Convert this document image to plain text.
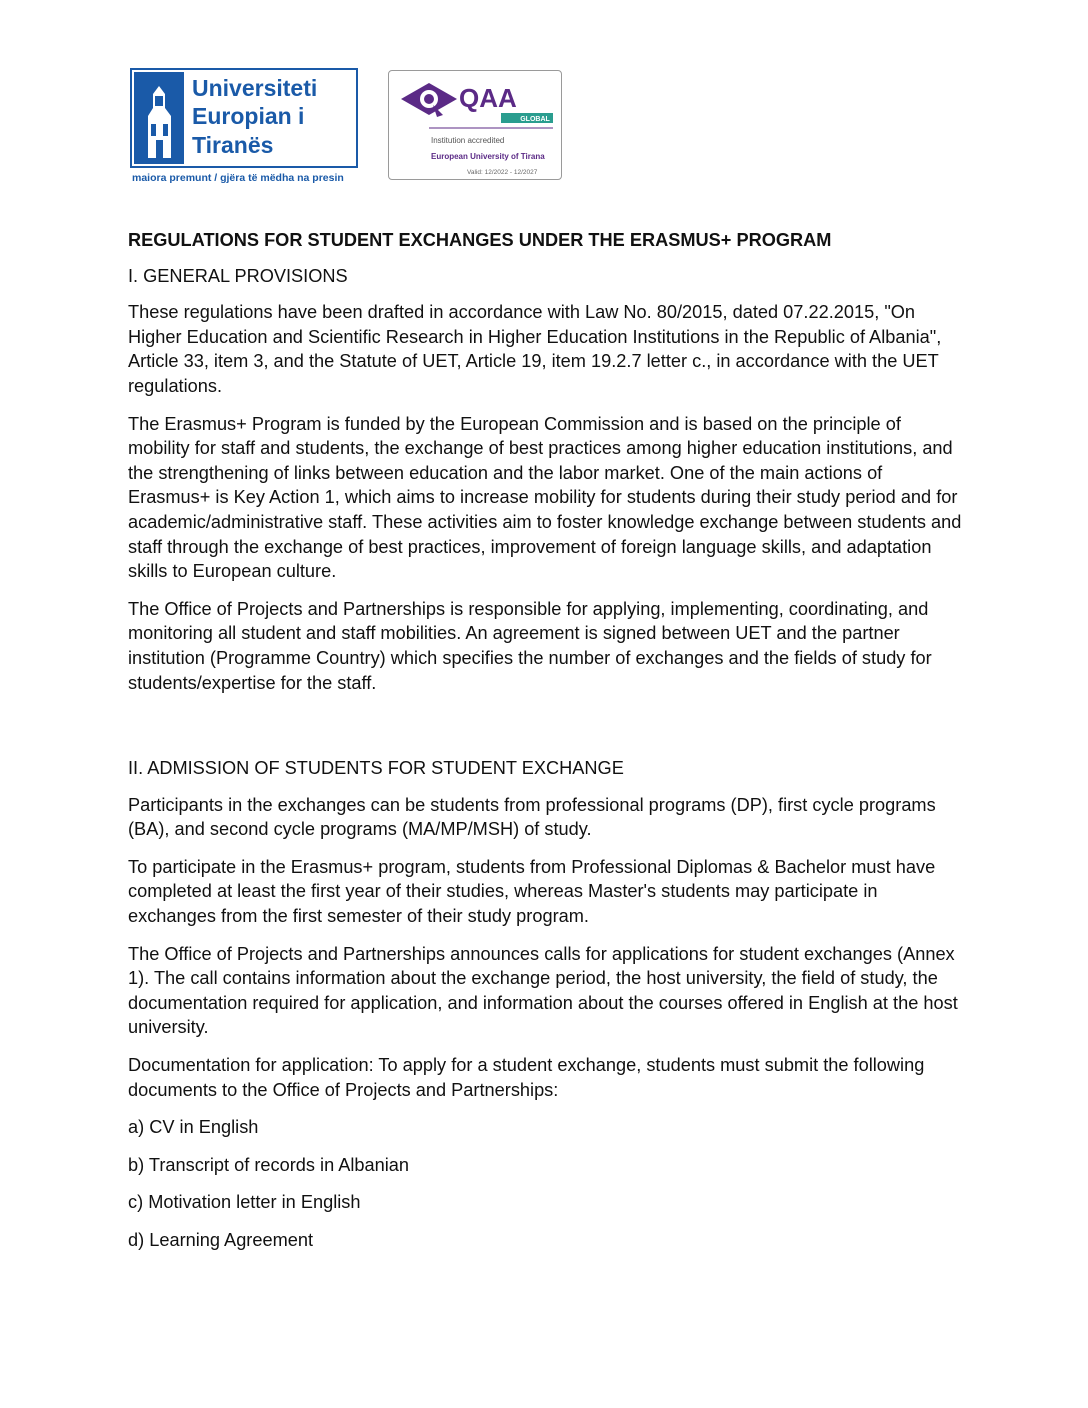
Universiteti
Europian i
Tiranës
maiora premunt / gjëra të mëdha na presin
QAA
GLOBAL
Institution accredited
European University of Tirana
Valid: 12/2022 - 12/2027
REGULATIONS FOR STUDENT EXCHANGES UNDER THE ERASMUS+ PROGRAM
I. GENERAL PROVISIONS

These regulations have been drafted in accordance with Law No. 80/2015, dated 07.22.2015, "On Higher Education and Scientific Research in Higher Education Institutions in the Republic of Albania", Article 33, item 3, and the Statute of UET, Article 19, item 19.2.7 letter c., in accordance with the UET regulations.

The Erasmus+ Program is funded by the European Commission and is based on the principle of mobility for staff and students, the exchange of best practices among higher education institutions, and the strengthening of links between education and the labor market. One of the main actions of Erasmus+ is Key Action 1, which aims to increase mobility for students during their study period and for academic/administrative staff. These activities aim to foster knowledge exchange between students and staff through the exchange of best practices, improvement of foreign language skills, and adaptation skills to European culture.

The Office of Projects and Partnerships is responsible for applying, implementing, coordinating, and monitoring all student and staff mobilities. An agreement is signed between UET and the partner institution (Programme Country) which specifies the number of exchanges and the fields of study for students/expertise for the staff.

II. ADMISSION OF STUDENTS FOR STUDENT EXCHANGE

Participants in the exchanges can be students from professional programs (DP), first cycle programs (BA), and second cycle programs (MA/MP/MSH) of study.

To participate in the Erasmus+ program, students from Professional Diplomas & Bachelor must have completed at least the first year of their studies, whereas Master's students may participate in exchanges from the first semester of their study program.

The Office of Projects and Partnerships announces calls for applications for student exchanges (Annex 1). The call contains information about the exchange period, the host university, the field of study, the documentation required for application, and information about the courses offered in English at the host university.

Documentation for application: To apply for a student exchange, students must submit the following documents to the Office of Projects and Partnerships:

a) CV in English

b) Transcript of records in Albanian

c) Motivation letter in English

d) Learning Agreement
